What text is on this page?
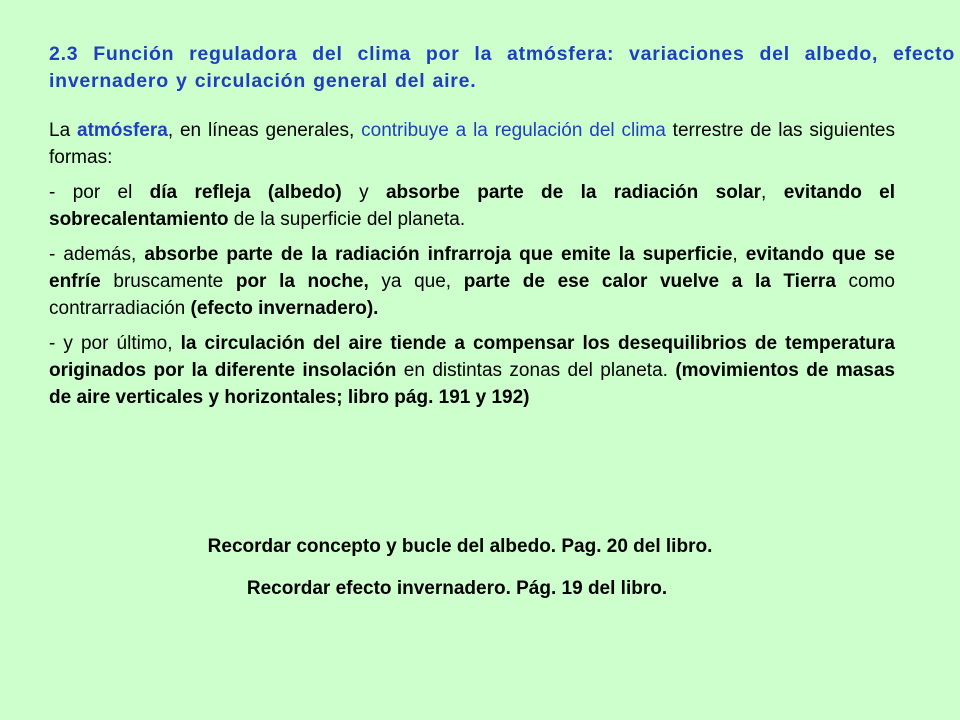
2.3 Función reguladora del clima por la atmósfera: variaciones del albedo, efecto invernadero y circulación general del aire.

La atmósfera, en líneas generales, contribuye a la regulación del clima terrestre de las siguientes formas:

- por el día refleja (albedo) y absorbe parte de la radiación solar, evitando el sobrecalentamiento de la superficie del planeta.

- además, absorbe parte de la radiación infrarroja que emite la superficie, evitando que se enfríe bruscamente por la noche, ya que, parte de ese calor vuelve a la Tierra como contrarradiación (efecto invernadero).

- y por último, la circulación del aire tiende a compensar los desequilibrios de temperatura originados por la diferente insolación en distintas zonas del planeta. (movimientos de masas de aire verticales y horizontales; libro pág. 191 y 192)

Recordar concepto y bucle del albedo. Pag. 20 del libro.
Recordar efecto invernadero. Pág. 19 del libro.
